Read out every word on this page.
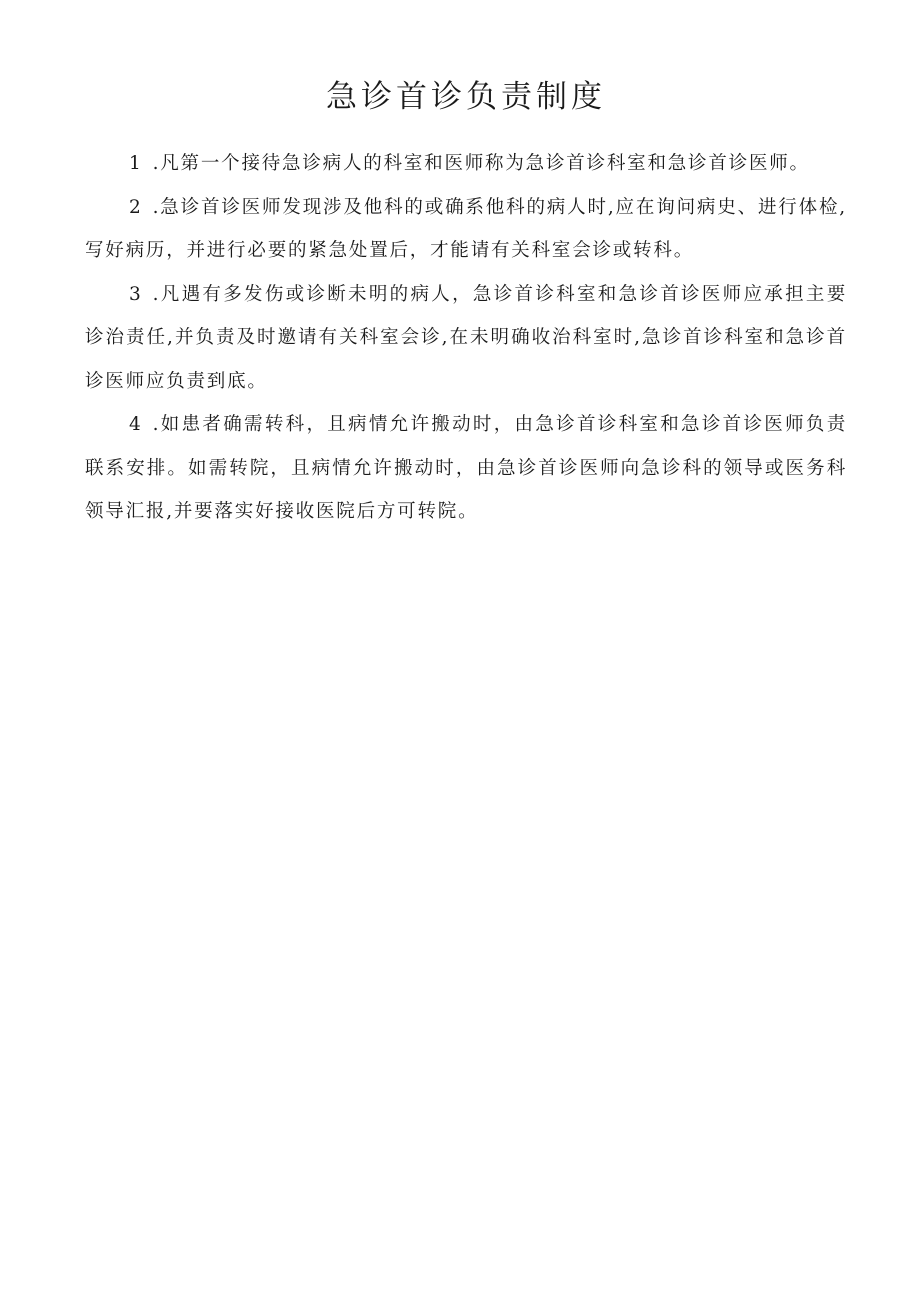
急诊首诊负责制度

1 .凡第一个接待急诊病人的科室和医师称为急诊首诊科室和急诊首诊医师。

2 .急诊首诊医师发现涉及他科的或确系他科的病人时,应在询问病史、进行体检,写好病历，并进行必要的紧急处置后，才能请有关科室会诊或转科。

3 .凡遇有多发伤或诊断未明的病人，急诊首诊科室和急诊首诊医师应承担主要诊治责任,并负责及时邀请有关科室会诊,在未明确收治科室时,急诊首诊科室和急诊首诊医师应负责到底。

4 .如患者确需转科，且病情允许搬动时，由急诊首诊科室和急诊首诊医师负责联系安排。如需转院，且病情允许搬动时，由急诊首诊医师向急诊科的领导或医务科领导汇报,并要落实好接收医院后方可转院。
